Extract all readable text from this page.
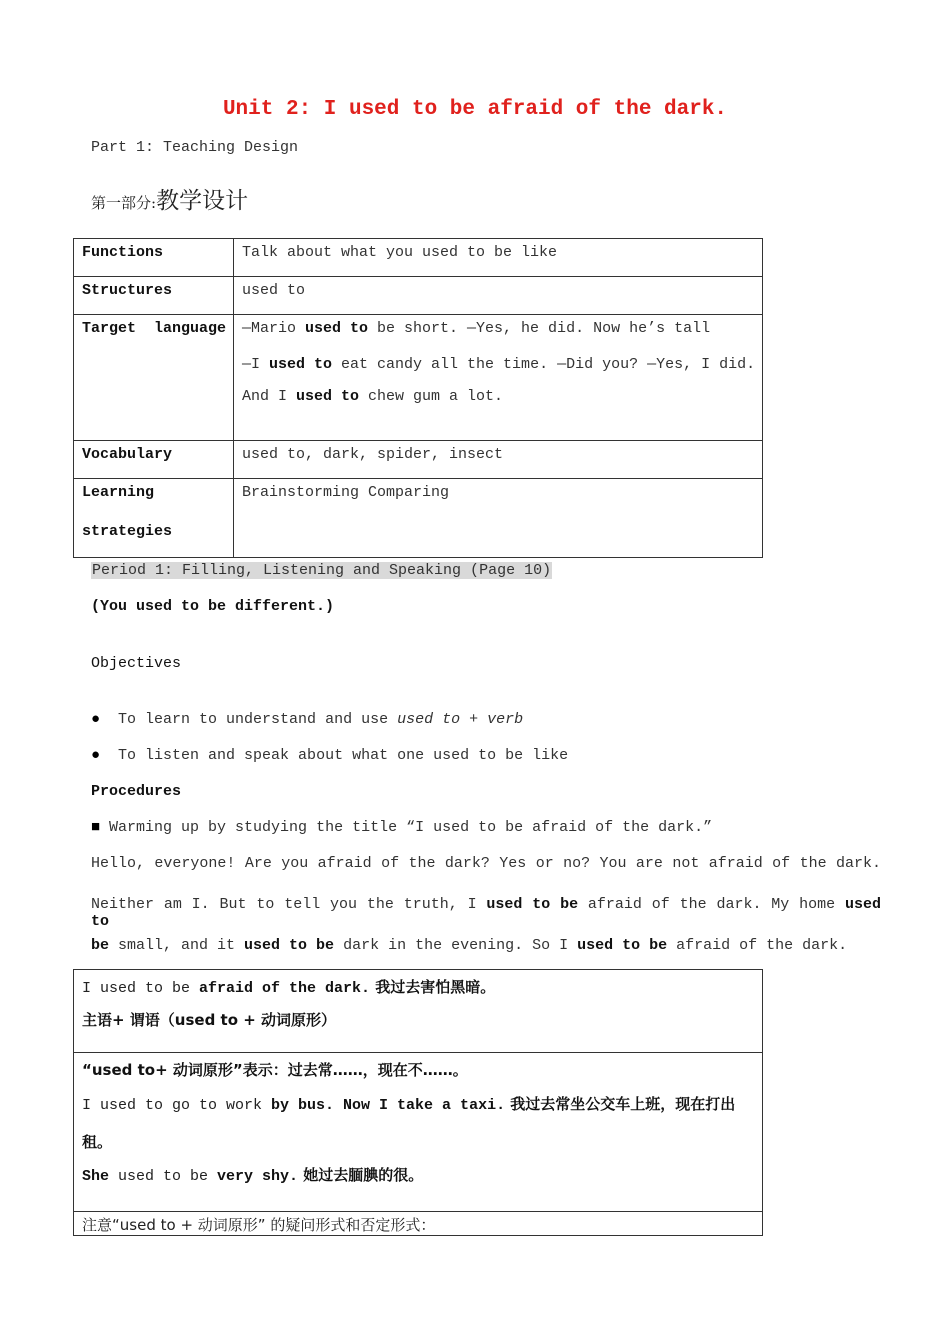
Unit 2: I used to be afraid of the dark.
Part 1: Teaching Design
第一部分:教学设计
Functions	Talk about what you used to be like

Structures	used to

Target  language	—Mario used to be short. —Yes, he did. Now he’s tall
—I used to eat candy all the time. —Did you? —Yes, I did.
And I used to chew gum a lot.

Vocabulary	used to, dark, spider, insect

Learning
strategies	Brainstorming Comparing
Period 1: Filling, Listening and Speaking (Page 10)
(You used to be different.)
Objectives
● To learn to understand and use used to + verb
● To listen and speak about what one used to be like
Procedures
■ Warming up by studying the title “I used to be afraid of the dark.”
Hello, everyone! Are you afraid of the dark? Yes or no? You are not afraid of the dark.
Neither am I. But to tell you the truth, I used to be afraid of the dark. My home used to
be small, and it used to be dark in the evening. So I used to be afraid of the dark.
I used to be afraid of the dark. 我过去害怕黑暗。
主语+ 谓语（used to + 动词原形）

“used to+ 动词原形”表示：过去常……，现在不……。
I used to go to work by bus. Now I take a taxi. 我过去常坐公交车上班，现在打出
租。
She used to be very shy. 她过去腼腆的很。

注意“used to + 动词原形” 的疑问形式和否定形式：
